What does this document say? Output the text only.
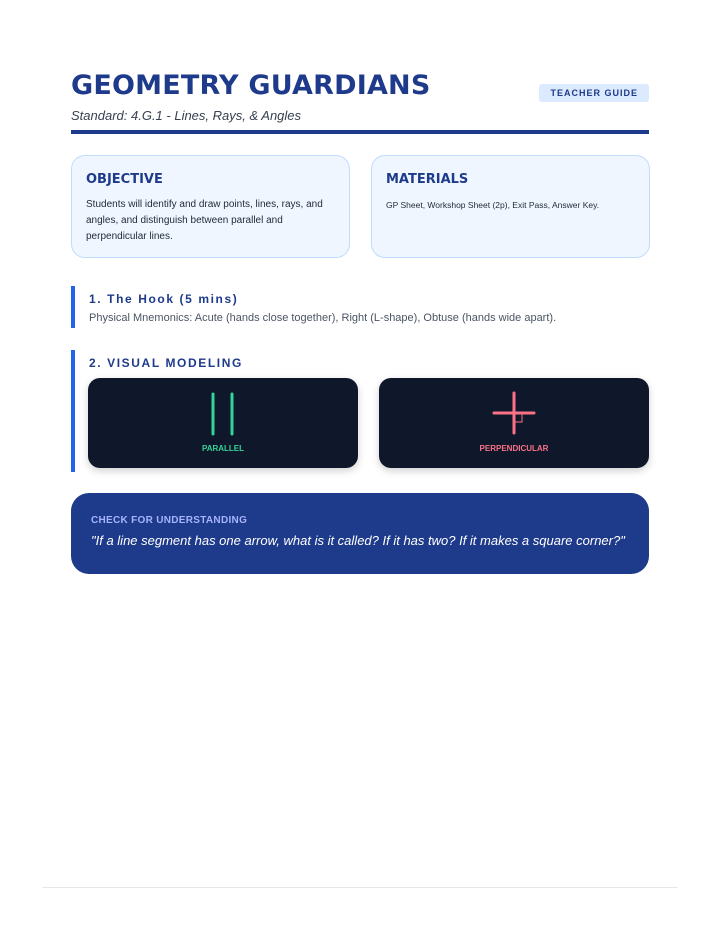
GEOMETRY GUARDIANS
Standard: 4.G.1 - Lines, Rays, & Angles
TEACHER GUIDE
OBJECTIVE

Students will identify and draw points, lines, rays, and angles, and distinguish between parallel and perpendicular lines.

MATERIALS

GP Sheet, Workshop Sheet (2p), Exit Pass, Answer Key.

1. The Hook (5 mins)

Physical Mnemonics: Acute (hands close together), Right (L-shape), Obtuse (hands wide apart).

2. VISUAL MODELING
PARALLEL	PERPENDICULAR
CHECK FOR UNDERSTANDING
"If a line segment has one arrow, what is it called? If it has two? If it makes a square corner?"
